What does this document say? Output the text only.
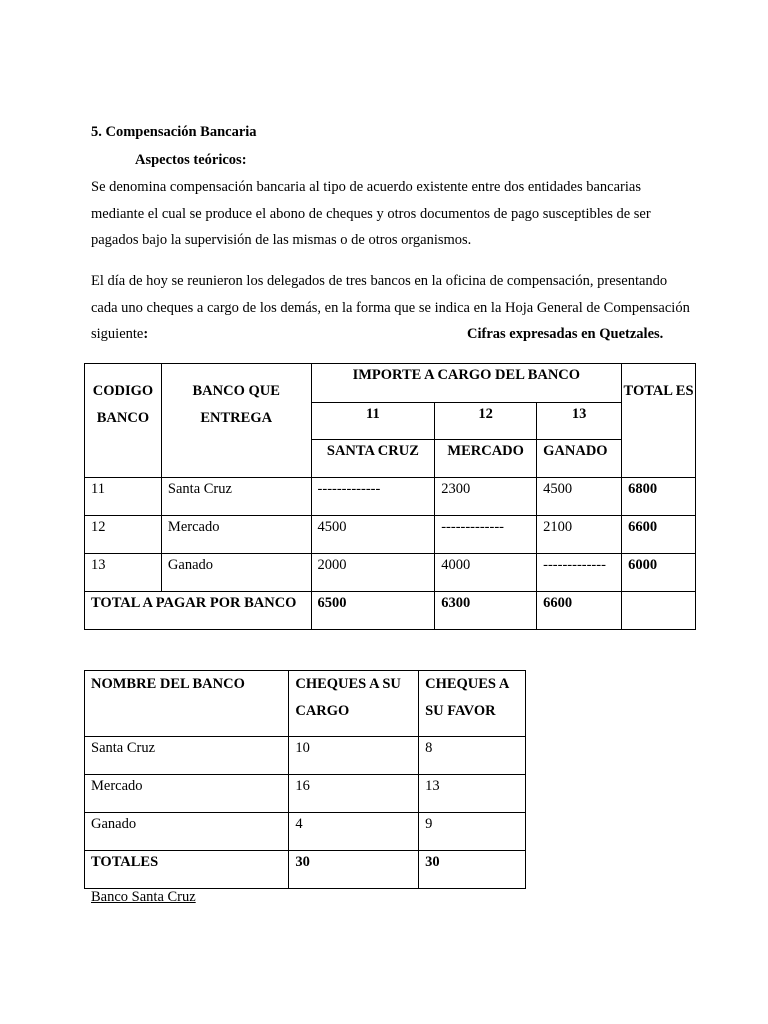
5. Compensación Bancaria
Aspectos teóricos:

Se denomina compensación bancaria al tipo de acuerdo existente entre dos entidades bancarias mediante el cual se produce el abono de cheques y otros documentos de pago susceptibles de ser pagados bajo la supervisión de las mismas o de otros organismos.

El día de hoy se reunieron los delegados de tres bancos en la oficina de compensación, presentando cada uno cheques a cargo de los demás, en la forma que se indica en la Hoja General de Compensación siguiente:	Cifras expresadas en Quetzales.

CODIGO BANCO	BANCO QUE ENTREGA	IMPORTE A CARGO DEL BANCO			TOTAL ES
		11	12	13	
		SANTA CRUZ	MERCADO	GANADO	
11	Santa Cruz	-------------	2300	4500	6800
12	Mercado	4500	-------------	2100	6600
13	Ganado	2000	4000	-------------	6000
TOTAL A PAGAR POR BANCO		6500	6300	6600	
NOMBRE DEL BANCO	CHEQUES A SU CARGO	CHEQUES A SU FAVOR
Santa Cruz	10	8
Mercado	16	13
Ganado	4	9
TOTALES	30	30
Banco Santa Cruz
